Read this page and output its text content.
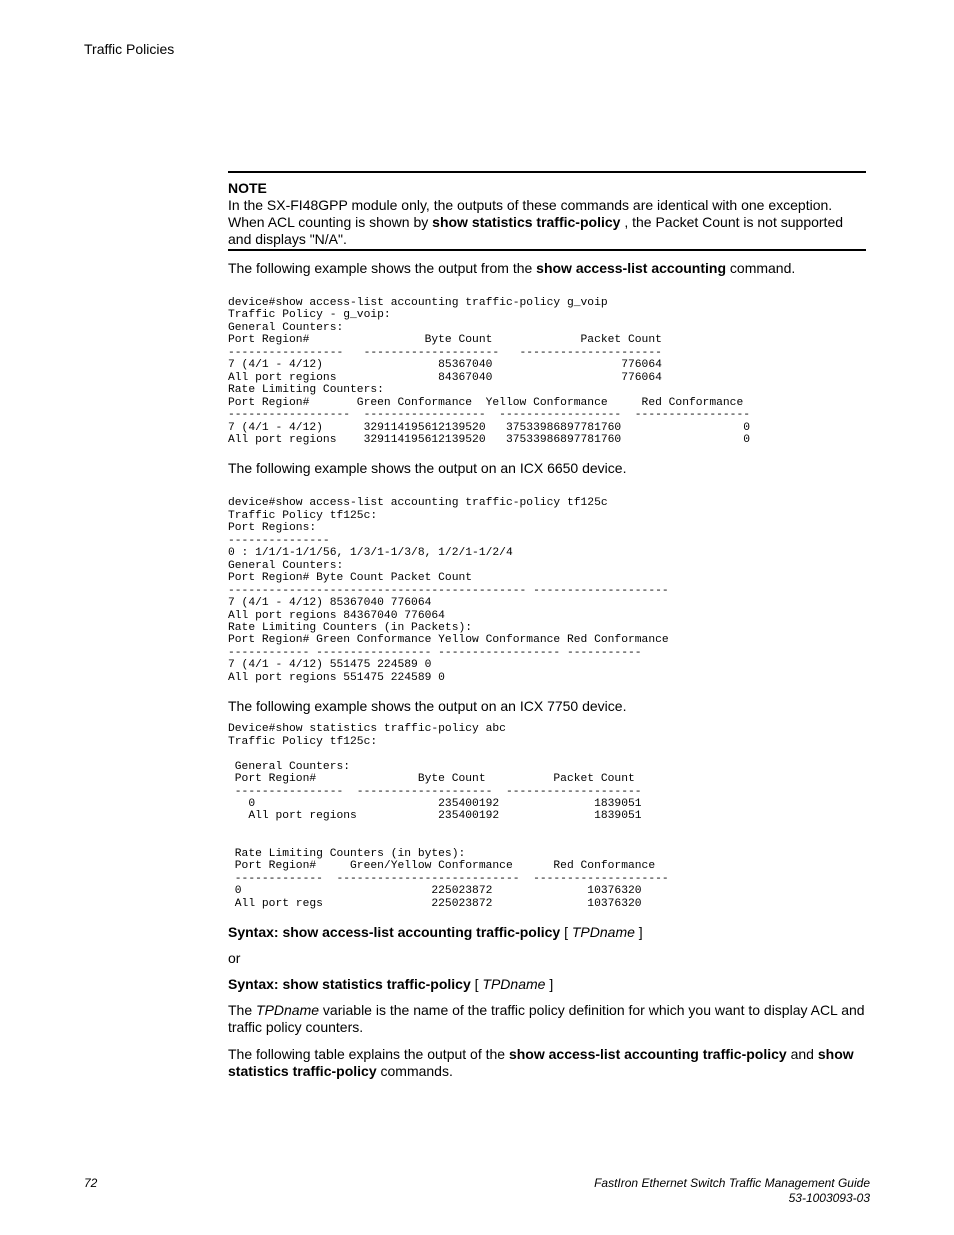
Traffic Policies
NOTE
In the SX-FI48GPP module only, the outputs of these commands are identical with one exception.
When ACL counting is shown by show statistics traffic-policy , the Packet Count is not supported and displays "N/A".

The following example shows the output from the show access-list accounting command.

device#show access-list accounting traffic-policy g_voip
Traffic Policy - g_voip:
General Counters:
Port Region#                 Byte Count             Packet Count
-----------------   --------------------   ---------------------
7 (4/1 - 4/12)                 85367040                   776064
All port regions               84367040                   776064
Rate Limiting Counters:
Port Region#       Green Conformance  Yellow Conformance     Red Conformance
------------------  ------------------  ------------------  -----------------
7 (4/1 - 4/12)      329114195612139520   37533986897781760                  0
All port regions    329114195612139520   37533986897781760                  0

The following example shows the output on an ICX 6650 device.

device#show access-list accounting traffic-policy tf125c
Traffic Policy tf125c:
Port Regions:
---------------
0 : 1/1/1-1/1/56, 1/3/1-1/3/8, 1/2/1-1/2/4
General Counters:
Port Region# Byte Count Packet Count
-------------------------------------------- --------------------
7 (4/1 - 4/12) 85367040 776064
All port regions 84367040 776064
Rate Limiting Counters (in Packets):
Port Region# Green Conformance Yellow Conformance Red Conformance
------------ ----------------- ------------------ -----------
7 (4/1 - 4/12) 551475 224589 0
All port regions 551475 224589 0

The following example shows the output on an ICX 7750 device.

Device#show statistics traffic-policy abc
Traffic Policy tf125c:

General Counters:
Port Region#               Byte Count          Packet Count
----------------  --------------------  --------------------
0                           235400192              1839051
All port regions            235400192              1839051

Rate Limiting Counters (in bytes):
Port Region#     Green/Yellow Conformance      Red Conformance
-------------  ---------------------------  --------------------
0                            225023872              10376320
All port regs                225023872              10376320

Syntax: show access-list accounting traffic-policy [ TPDname ]

or

Syntax: show statistics traffic-policy [ TPDname ]

The TPDname variable is the name of the traffic policy definition for which you want to display ACL and traffic policy counters.

The following table explains the output of the show access-list accounting traffic-policy and show statistics traffic-policy commands.

72	FastIron Ethernet Switch Traffic Management Guide
53-1003093-03
